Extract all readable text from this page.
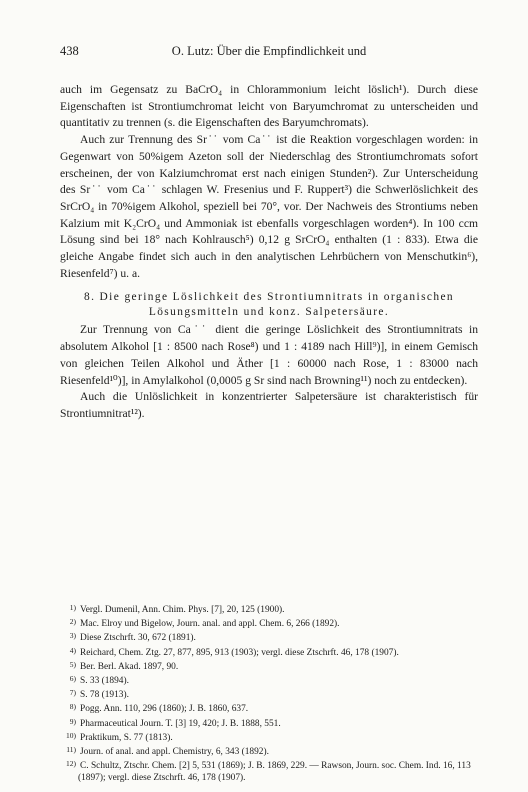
438	O. Lutz: Über die Empfindlichkeit und

auch im Gegensatz zu BaCrO₄ in Chlorammonium leicht löslich¹). Durch diese Eigenschaften ist Strontiumchromat leicht von Baryumchromat zu unterscheiden und quantitativ zu trennen (s. die Eigenschaften des Baryumchromats).

Auch zur Trennung des Sr˙˙ vom Ca˙˙ ist die Reaktion vorgeschlagen worden: in Gegenwart von 50%igem Azeton soll der Niederschlag des Strontiumchromats sofort erscheinen, der von Kalziumchromat erst nach einigen Stunden²). Zur Unterscheidung des Sr˙˙ vom Ca˙˙ schlagen W. Fresenius und F. Ruppert³) die Schwerlöslichkeit des SrCrO₄ in 70%igem Alkohol, speziell bei 70°, vor. Der Nachweis des Strontiums neben Kalzium mit K₂CrO₄ und Ammoniak ist ebenfalls vorgeschlagen worden⁴). In 100 ccm Lösung sind bei 18° nach Kohlrausch⁵) 0,12 g SrCrO₄ enthalten (1 : 833). Etwa die gleiche Angabe findet sich auch in den analytischen Lehrbüchern von Menschutkin⁶), Riesenfeld⁷) u. a.

8. Die geringe Löslichkeit des Strontiumnitrats in organischen Lösungsmitteln und konz. Salpetersäure.

Zur Trennung von Ca˙˙ dient die geringe Löslichkeit des Strontiumnitrats in absolutem Alkohol [1 : 8500 nach Rose⁸) und 1 : 4189 nach Hill⁹)], in einem Gemisch von gleichen Teilen Alkohol und Äther [1 : 60000 nach Rose, 1 : 83000 nach Riesenfeld¹⁰)], in Amylalkohol (0,0005 g Sr sind nach Browning¹¹) noch zu entdecken).

Auch die Unlöslichkeit in konzentrierter Salpetersäure ist charakteristisch für Strontiumnitrat¹²).

1) Vergl. Dumenil, Ann. Chim. Phys. [7], 20, 125 (1900).

2) Mac. Elroy und Bigelow, Journ. anal. and appl. Chem. 6, 266 (1892).

3) Diese Ztschrft. 30, 672 (1891).

4) Reichard, Chem. Ztg. 27, 877, 895, 913 (1903); vergl. diese Ztschrft. 46, 178 (1907).

5) Ber. Berl. Akad. 1897, 90.

6) S. 33 (1894).

7) S. 78 (1913).

8) Pogg. Ann. 110, 296 (1860); J. B. 1860, 637.

9) Pharmaceutical Journ. T. [3] 19, 420; J. B. 1888, 551.

10) Praktikum, S. 77 (1813).

11) Journ. of anal. and appl. Chemistry, 6, 343 (1892).

12) C. Schultz, Ztschr. Chem. [2] 5, 531 (1869); J. B. 1869, 229. — Rawson, Journ. soc. Chem. Ind. 16, 113 (1897); vergl. diese Ztschrft. 46, 178 (1907).
